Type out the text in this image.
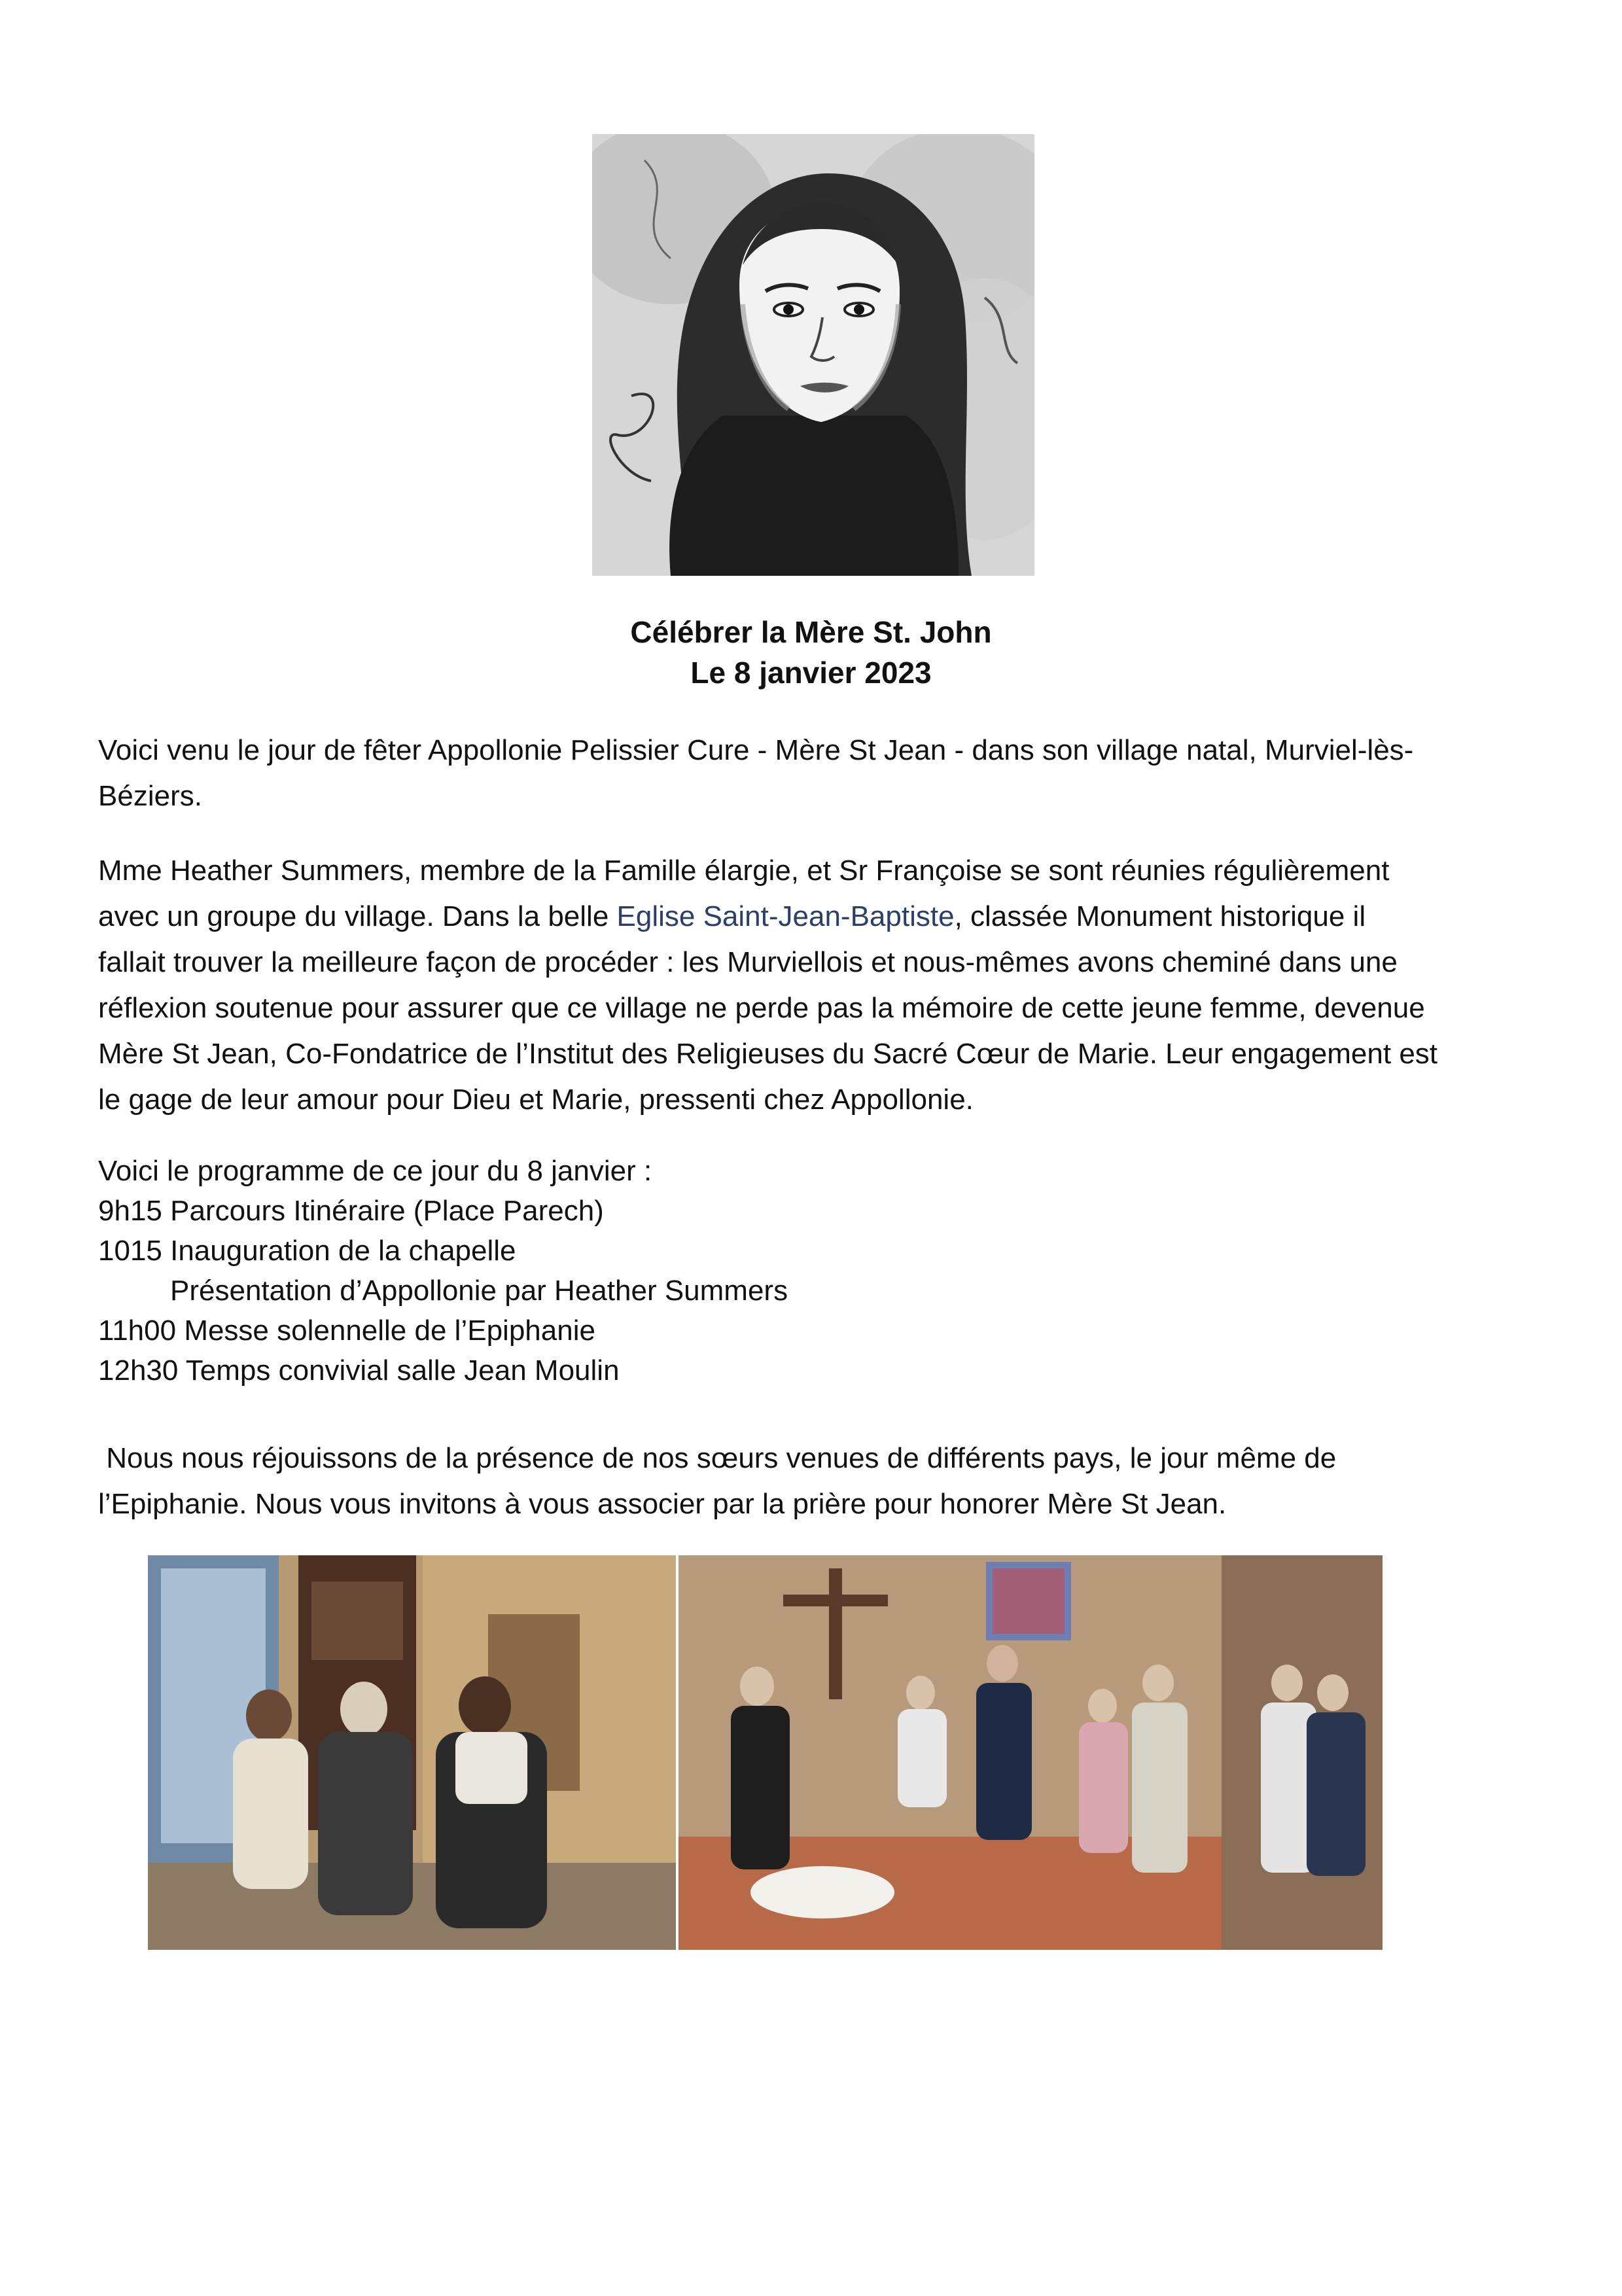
Célébrer la Mère St. John
Le 8 janvier 2023
Voici venu le jour de fêter Appollonie Pelissier Cure - Mère St Jean - dans son village natal, Murviel-lès-
Béziers.
Mme Heather Summers, membre de la Famille élargie, et Sr Françoise se sont réunies régulièrement
avec un groupe du village. Dans la belle Eglise Saint-Jean-Baptiste, classée Monument historique il
fallait trouver la meilleure façon de procéder : les Murviellois et nous-mêmes avons cheminé dans une
réflexion soutenue pour assurer que ce village ne perde pas la mémoire de cette jeune femme, devenue
Mère St Jean, Co-Fondatrice de l’Institut des Religieuses du Sacré Cœur de Marie. Leur engagement est
le gage de leur amour pour Dieu et Marie, pressenti chez Appollonie.
Voici le programme de ce jour du 8 janvier :
9h15 Parcours Itinéraire (Place Parech)
1015 Inauguration de la chapelle
Présentation d’Appollonie par Heather Summers
11h00 Messe solennelle de l’Epiphanie
12h30 Temps convivial salle Jean Moulin
Nous nous réjouissons de la présence de nos sœurs venues de différents pays, le jour même de
l’Epiphanie. Nous vous invitons à vous associer par la prière pour honorer Mère St Jean.
